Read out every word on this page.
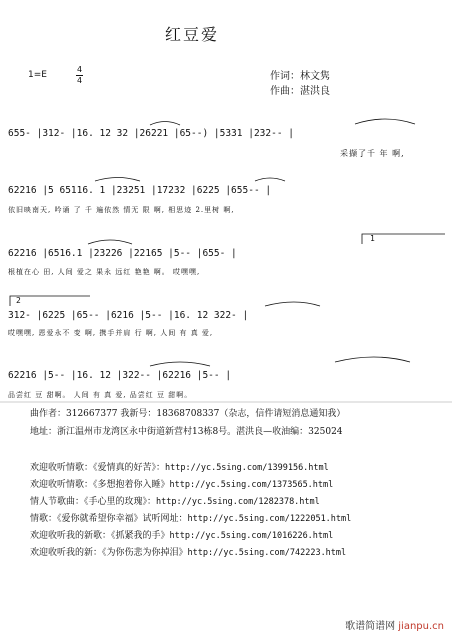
红豆爱
1=E
4
4	作词：林文隽
作曲：湛洪良
655- |312- |16. 12 32 |26221 |65--) |5331 |232-- |
采撷了千 年 啊,
62216 |5 65116. 1 |23251 |17232 |6225 |655-- |
依旧映南天, 吟诵 了 千 遍依然 情无 限 啊, 相思迹 2.里树 啊,
62216 |6516.1 |23226 |22165 |5-- |655- |
根植在心 田, 人间 爱之 果永 远红 艳艳 啊。 哎嘿嘿,
312- |6225 |65-- |6216 |5-- |16. 12 322- |
哎嘿嘿, 恩爱永不 变 啊, 携手并肩 行 啊, 人间 有 真 爱,
62216 |5-- |16. 12 |322-- |62216 |5-- |
品尝红 豆 甜啊。 人间 有 真 爱, 品尝红 豆 甜啊。
1
2
曲作者：312667377 我新号：18368708337（杂志，信件请短消息通知我）
地址：浙江温州市龙湾区永中街道新营村13栋8号。湛洪良—收油编：325024
欢迎收听情歌：《爱情真的好苦》：http://yc.5sing.com/1399156.html
欢迎收听情歌：《多想抱着你入睡》http://yc.5sing.com/1373565.html
情人节歌曲：《手心里的玫瑰》：http://yc.5sing.com/1282378.html
情歌：《爱你就希望你幸福》试听网址：http://yc.5sing.com/1222051.html
欢迎收听我的新歌：《抓紧我的手》http://yc.5sing.com/1016226.html
欢迎收听我的新：《为你伤悲为你掉泪》http://yc.5sing.com/742223.html
歌谱简谱网 jianpu.cn
